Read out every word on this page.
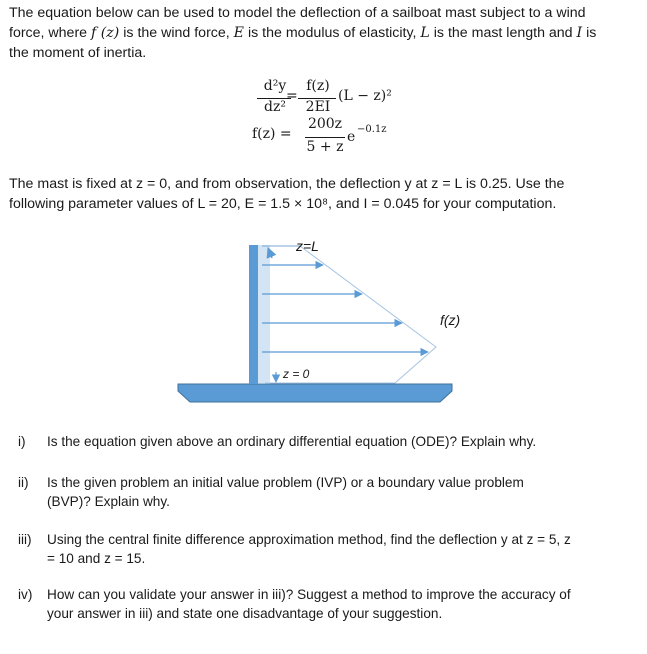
The equation below can be used to model the deflection of a sailboat mast subject to a wind
force, where f (z) is the wind force, E is the modulus of elasticity, L is the mast length and I is
the moment of inertia.
d²y
dz²
=
f(z)
2EI
(L − z)²
f(z) =
200z
5 + z
e −0.1z
The mast is fixed at z = 0, and from observation, the deflection y at z = L is 0.25. Use the
following parameter values of L = 20, E = 1.5 × 10⁸, and I = 0.045 for your computation.
z=L
z = 0
f(z)
i)	Is the equation given above an ordinary differential equation (ODE)? Explain why.
ii)	Is the given problem an initial value problem (IVP) or a boundary value problem (BVP)? Explain why.
iii)	Using the central finite difference approximation method, find the deflection y at z = 5, z = 10 and z = 15.
iv)	How can you validate your answer in iii)? Suggest a method to improve the accuracy of your answer in iii) and state one disadvantage of your suggestion.
